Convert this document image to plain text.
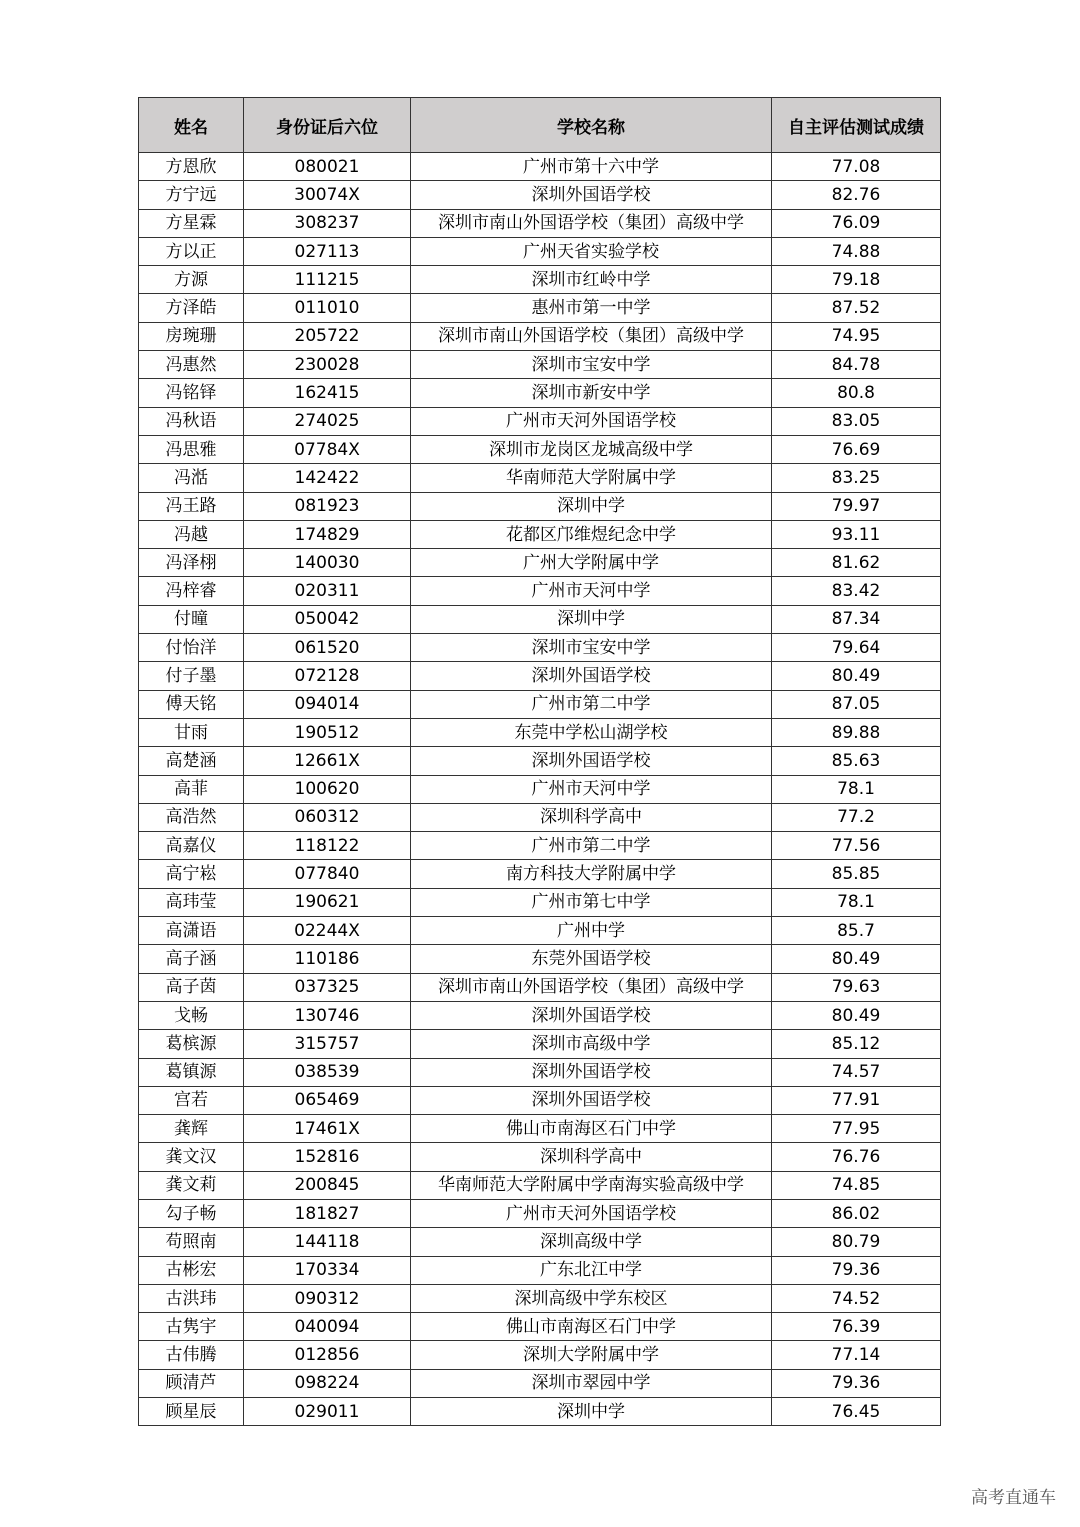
姓名	身份证后六位	学校名称	自主评估测试成绩
方恩欣	080021	广州市第十六中学	77.08
方宁远	30074X	深圳外国语学校	82.76
方星霖	308237	深圳市南山外国语学校（集团）高级中学	76.09
方以正	027113	广州天省实验学校	74.88
方源	111215	深圳市红岭中学	79.18
方泽皓	011010	惠州市第一中学	87.52
房琬珊	205722	深圳市南山外国语学校（集团）高级中学	74.95
冯惠然	230028	深圳市宝安中学	84.78
冯铭铎	162415	深圳市新安中学	80.8
冯秋语	274025	广州市天河外国语学校	83.05
冯思雅	07784X	深圳市龙岗区龙城高级中学	76.69
冯湉	142422	华南师范大学附属中学	83.25
冯王路	081923	深圳中学	79.97
冯越	174829	花都区邝维煜纪念中学	93.11
冯泽栩	140030	广州大学附属中学	81.62
冯梓睿	020311	广州市天河中学	83.42
付曈	050042	深圳中学	87.34
付怡洋	061520	深圳市宝安中学	79.64
付子墨	072128	深圳外国语学校	80.49
傅天铭	094014	广州市第二中学	87.05
甘雨	190512	东莞中学松山湖学校	89.88
高楚涵	12661X	深圳外国语学校	85.63
高菲	100620	广州市天河中学	78.1
高浩然	060312	深圳科学高中	77.2
高嘉仪	118122	广州市第二中学	77.56
高宁崧	077840	南方科技大学附属中学	85.85
高玮莹	190621	广州市第七中学	78.1
高潇语	02244X	广州中学	85.7
高子涵	110186	东莞外国语学校	80.49
高子茵	037325	深圳市南山外国语学校（集团）高级中学	79.63
戈畅	130746	深圳外国语学校	80.49
葛槟源	315757	深圳市高级中学	85.12
葛镇源	038539	深圳外国语学校	74.57
宫若	065469	深圳外国语学校	77.91
龚辉	17461X	佛山市南海区石门中学	77.95
龚文汉	152816	深圳科学高中	76.76
龚文莉	200845	华南师范大学附属中学南海实验高级中学	74.85
勾子畅	181827	广州市天河外国语学校	86.02
苟照南	144118	深圳高级中学	80.79
古彬宏	170334	广东北江中学	79.36
古洪玮	090312	深圳高级中学东校区	74.52
古隽宇	040094	佛山市南海区石门中学	76.39
古伟腾	012856	深圳大学附属中学	77.14
顾清芦	098224	深圳市翠园中学	79.36
顾星辰	029011	深圳中学	76.45
高考直通车
